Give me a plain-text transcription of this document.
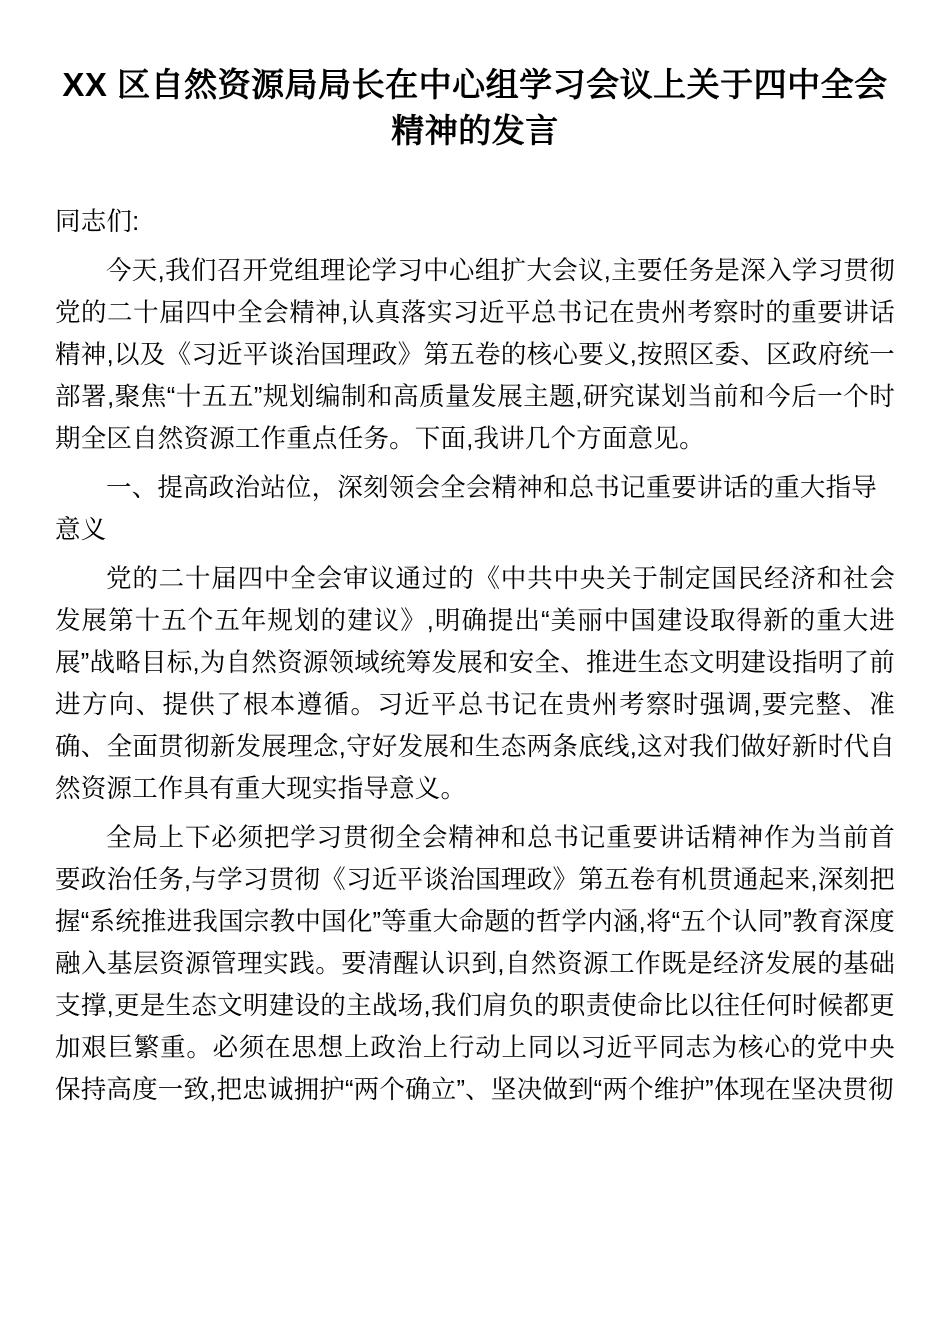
XX 区自然资源局局长在中心组学习会议上关于四中全会精神的发言

同志们:

今天,我们召开党组理论学习中心组扩大会议,主要任务是深入学习贯彻党的二十届四中全会精神,认真落实习近平总书记在贵州考察时的重要讲话精神,以及《习近平谈治国理政》第五卷的核心要义,按照区委、区政府统一部署,聚焦“十五五”规划编制和高质量发展主题,研究谋划当前和今后一个时期全区自然资源工作重点任务。下面,我讲几个方面意见。

一、提高政治站位，深刻领会全会精神和总书记重要讲话的重大指导意义

党的二十届四中全会审议通过的《中共中央关于制定国民经济和社会发展第十五个五年规划的建议》,明确提出“美丽中国建设取得新的重大进展”战略目标,为自然资源领域统筹发展和安全、推进生态文明建设指明了前进方向、提供了根本遵循。习近平总书记在贵州考察时强调,要完整、准确、全面贯彻新发展理念,守好发展和生态两条底线,这对我们做好新时代自然资源工作具有重大现实指导意义。

全局上下必须把学习贯彻全会精神和总书记重要讲话精神作为当前首要政治任务,与学习贯彻《习近平谈治国理政》第五卷有机贯通起来,深刻把握“系统推进我国宗教中国化”等重大命题的哲学内涵,将“五个认同”教育深度融入基层资源管理实践。要清醒认识到,自然资源工作既是经济发展的基础支撑,更是生态文明建设的主战场,我们肩负的职责使命比以往任何时候都更加艰巨繁重。必须在思想上政治上行动上同以习近平同志为核心的党中央保持高度一致,把忠诚拥护“两个确立”、坚决做到“两个维护”体现在坚决贯彻
